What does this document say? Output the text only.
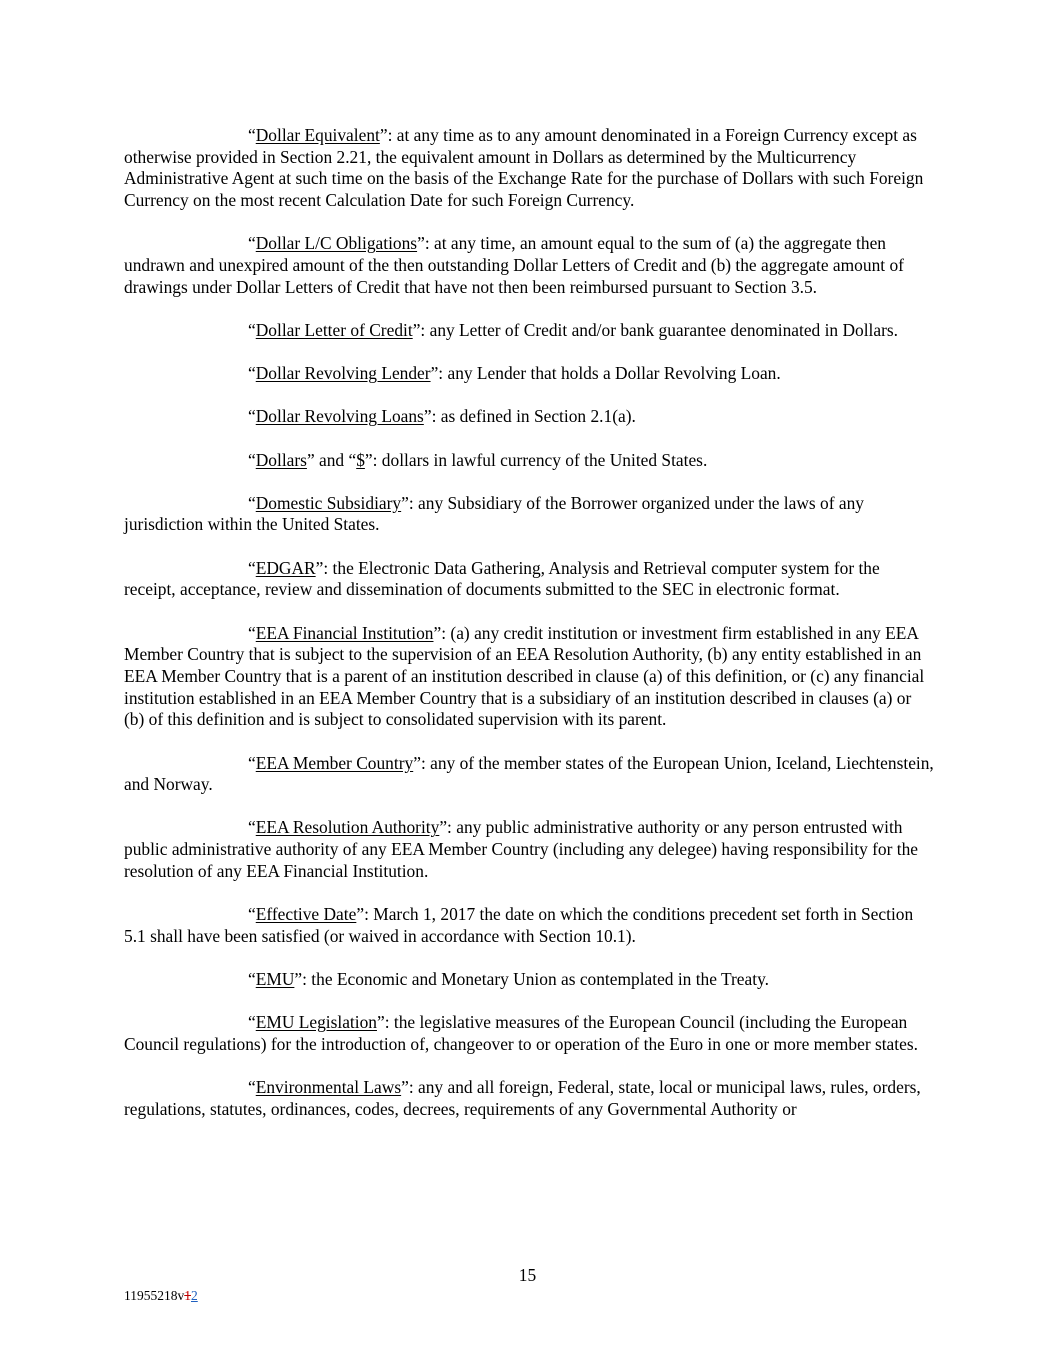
“Dollar Equivalent”: at any time as to any amount denominated in a Foreign Currency except as otherwise provided in Section 2.21, the equivalent amount in Dollars as determined by the Multicurrency Administrative Agent at such time on the basis of the Exchange Rate for the purchase of Dollars with such Foreign Currency on the most recent Calculation Date for such Foreign Currency.

“Dollar L/C Obligations”: at any time, an amount equal to the sum of (a) the aggregate then undrawn and unexpired amount of the then outstanding Dollar Letters of Credit and (b) the aggregate amount of drawings under Dollar Letters of Credit that have not then been reimbursed pursuant to Section 3.5.

“Dollar Letter of Credit”: any Letter of Credit and/or bank guarantee denominated in Dollars.

“Dollar Revolving Lender”: any Lender that holds a Dollar Revolving Loan.

“Dollar Revolving Loans”: as defined in Section 2.1(a).

“Dollars” and “$”: dollars in lawful currency of the United States.

“Domestic Subsidiary”: any Subsidiary of the Borrower organized under the laws of any jurisdiction within the United States.

“EDGAR”: the Electronic Data Gathering, Analysis and Retrieval computer system for the receipt, acceptance, review and dissemination of documents submitted to the SEC in electronic format.

“EEA Financial Institution”: (a) any credit institution or investment firm established in any EEA Member Country that is subject to the supervision of an EEA Resolution Authority, (b) any entity established in an EEA Member Country that is a parent of an institution described in clause (a) of this definition, or (c) any financial institution established in an EEA Member Country that is a subsidiary of an institution described in clauses (a) or (b) of this definition and is subject to consolidated supervision with its parent.

“EEA Member Country”: any of the member states of the European Union, Iceland, Liechtenstein, and Norway.

“EEA Resolution Authority”: any public administrative authority or any person entrusted with public administrative authority of any EEA Member Country (including any delegee) having responsibility for the resolution of any EEA Financial Institution.

“Effective Date”: March 1, 2017 the date on which the conditions precedent set forth in Section 5.1 shall have been satisfied (or waived in accordance with Section 10.1).

“EMU”: the Economic and Monetary Union as contemplated in the Treaty.

“EMU Legislation”: the legislative measures of the European Council (including the European Council regulations) for the introduction of, changeover to or operation of the Euro in one or more member states.

“Environmental Laws”: any and all foreign, Federal, state, local or municipal laws, rules, orders, regulations, statutes, ordinances, codes, decrees, requirements of any Governmental Authority or

15
11955218v12
